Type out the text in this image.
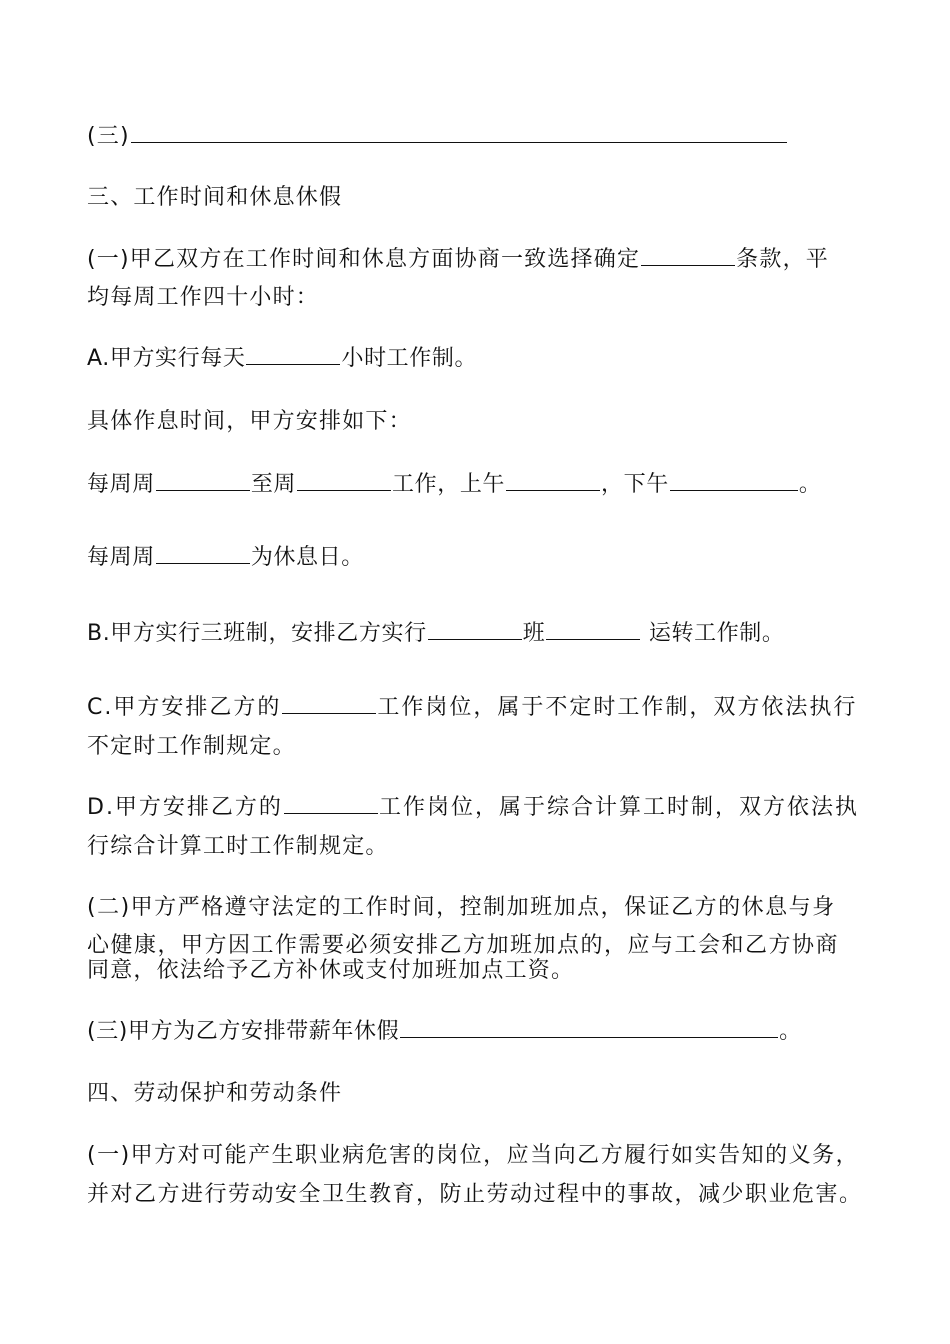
(三)
三、工作时间和休息休假
(一)甲乙双方在工作时间和休息方面协商一致选择确定	条款，平
均每周工作四十小时：
A.甲方实行每天	小时工作制。
具体作息时间，甲方安排如下：
每周周	至周	工作，上午	，下午	。
每周周	为休息日。
B.甲方实行三班制，安排乙方实行	班	运转工作制。
C.甲方安排乙方的	工作岗位，属于不定时工作制，双方依法执行
不定时工作制规定。
D.甲方安排乙方的	工作岗位，属于综合计算工时制，双方依法执
行综合计算工时工作制规定。
(二)甲方严格遵守法定的工作时间，控制加班加点，保证乙方的休息与身
心健康，甲方因工作需要必须安排乙方加班加点的，应与工会和乙方协商
同意，依法给予乙方补休或支付加班加点工资。
(三)甲方为乙方安排带薪年休假	。
四、劳动保护和劳动条件
(一)甲方对可能产生职业病危害的岗位，应当向乙方履行如实告知的义务，
并对乙方进行劳动安全卫生教育，防止劳动过程中的事故，减少职业危害。
